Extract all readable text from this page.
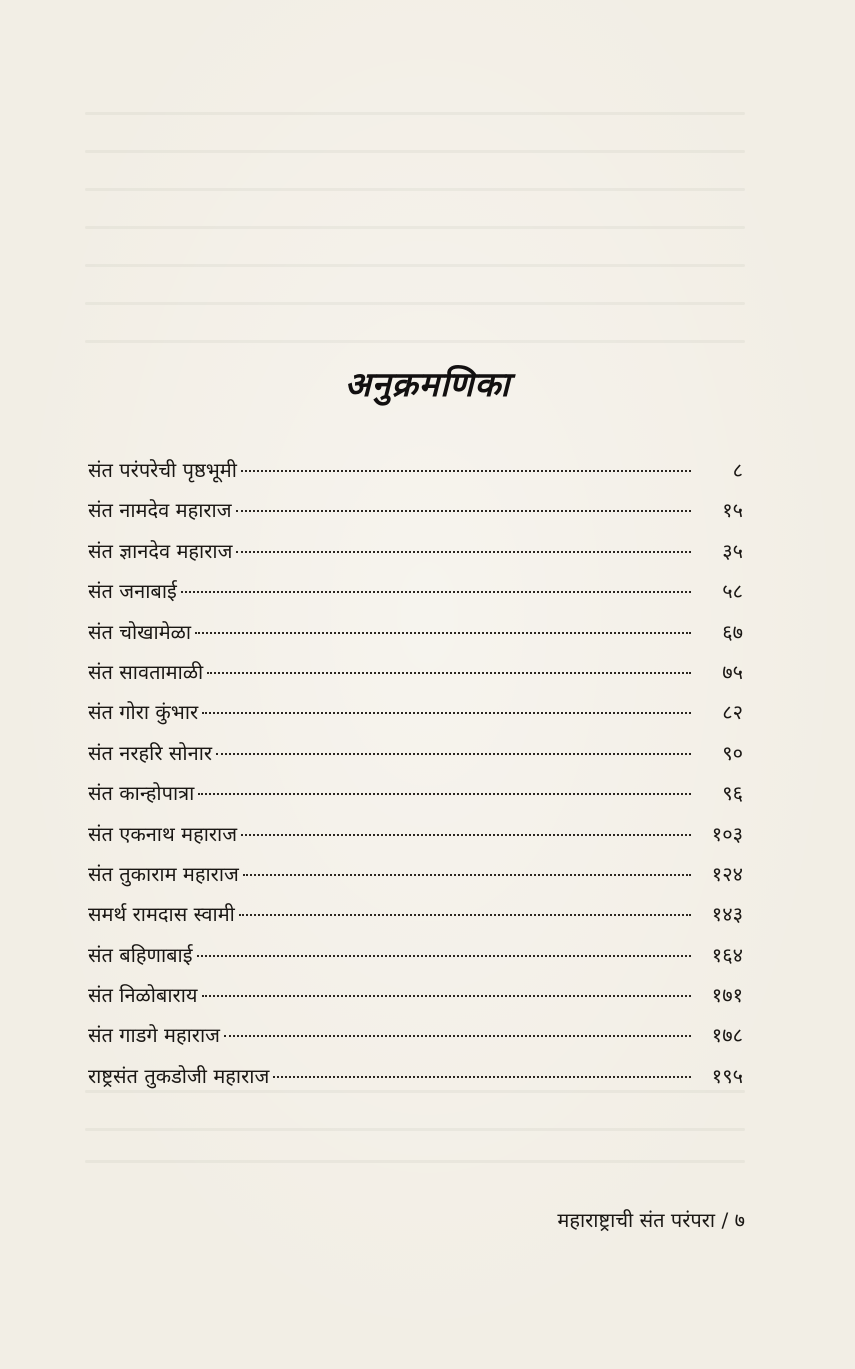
अनुक्रमणिका
संत परंपरेची पृष्ठभूमी	८
संत नामदेव महाराज	१५
संत ज्ञानदेव महाराज	३५
संत जनाबाई	५८
संत चोखामेळा	६७
संत सावतामाळी	७५
संत गोरा कुंभार	८२
संत नरहरि सोनार	९०
संत कान्होपात्रा	९६
संत एकनाथ महाराज	१०३
संत तुकाराम महाराज	१२४
समर्थ रामदास स्वामी	१४३
संत बहिणाबाई	१६४
संत निळोबाराय	१७१
संत गाडगे महाराज	१७८
राष्ट्रसंत तुकडोजी महाराज	१९५
महाराष्ट्राची संत परंपरा / ७
